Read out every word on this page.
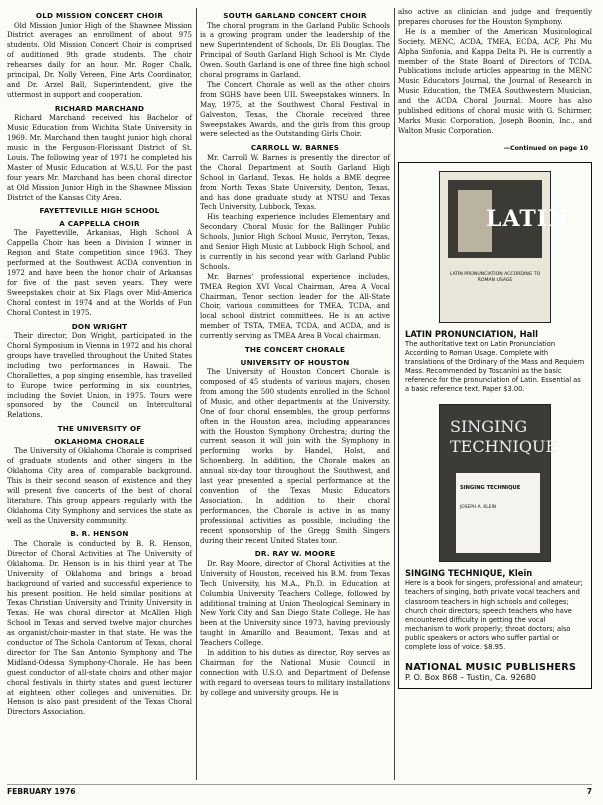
OLD MISSION CONCERT CHOIR

Old Mission Junior High of the Shawnee Mission District averages an enrollment of about 975 students. Old Mission Concert Choir is comprised of auditioned 9th grade students. The choir rehearses daily for an hour. Mr. Roger Chalk, principal, Dr. Nolly Vereen, Fine Arts Coordinator, and Dr. Arzel Ball, Superintendent, give the uttermost in support and cooperation.

RICHARD MARCHAND

Richard Marchand received his Bachelor of Music Education from Wichita State University in 1969. Mr. Marchand then taught junior high choral music in the Ferguson-Florissant District of St. Louis. The following year of 1971 he completed his Master of Music Education at W.S.U. For the past four years Mr. Marchand has been choral director at Old Mission Junior High in the Shawnee Mission District of the Kansas City Area.

FAYETTEVILLE HIGH SCHOOL
A CAPPELLA CHOIR

The Fayetteville, Arkansas, High School A Cappella Choir has been a Division I winner in Region and State competition since 1963. They performed at the Southwest ACDA convention in 1972 and have been the honor choir of Arkansas for five of the past seven years. They were Sweepstakes choir at Six Flags over Mid-America Choral contest in 1974 and at the Worlds of Fun Choral Contest in 1975.

DON WRIGHT

Their director, Don Wright, participated in the Choral Symposium in Vienna in 1972 and his choral groups have travelled throughout the United States including two performances in Hawaii. The Chorallettes, a pop singing ensemble, has travelled to Europe twice performing in six countries, including the Soviet Union, in 1975. Tours were sponsored by the Council on Intercultural Relations.

THE UNIVERSITY OF
OKLAHOMA CHORALE

The University of Oklahoma Chorale is comprised of graduate students and other singers in the Oklahoma City area of comparable background. This is their second season of existence and they will present five concerts of the best of choral literature. This group appears regularly with the Oklahoma City Symphony and services the state as well as the University community.

B. R. HENSON

The Chorale is conducted by B. R. Henson, Director of Choral Activities at The University of Oklahoma. Dr. Henson is in his third year at The University of Oklahoma and brings a broad background of varied and successful experience to his present position. He held similar positions at Texas Christian University and Trinity University in Texas. He was choral director at McAllen High School in Texas and served twelve major churches as organist/choir-master in that state. He was the conductor of The Schola Cantorum of Texas, choral director for The San Antonio Symphony and The Midland-Odessa Symphony-Chorale. He has been guest conductor of all-state choirs and other major choral festivals in thirty states and guest lecturer at eighteen other colleges and universities. Dr. Henson is also past president of the Texas Choral Directors Association.

SOUTH GARLAND CONCERT CHOIR

The choral program in the Garland Public Schools is a growing program under the leadership of the new Superintendent of Schools, Dr. Eli Douglas. The Principal of South Garland High School is Mr. Clyde Owen. South Garland is one of three fine high school choral programs in Garland.

The Concert Chorale as well as the other choirs from SGHS have been UIL Sweepstakes winners. In May, 1975, at the Southwest Choral Festival in Galveston, Texas, the Chorale received three Sweepstakes Awards, and the girls from this group were selected as the Outstanding Girls Choir.

CARROLL W. BARNES

Mr. Carroll W. Barnes is presently the director of the Choral Department at South Garland High School in Garland, Texas. He holds a BME degree from North Texas State University, Denton, Texas, and has done graduate study at NTSU and Texas Tech University, Lubbock, Texas.

His teaching experience includes Elementary and Secondary Choral Music for the Ballinger Public Schools, Junior High School Music, Perryton, Texas, and Senior High Music at Lubbock High School, and is currently in his second year with Garland Public Schools.

Mr. Barnes' professional experience includes, TMEA Region XVI Vocal Chairman, Area A Vocal Chairman, Tenor section leader for the All-State Choir, various committees for TMEA, TCDA, and local school district committees. He is an active member of TSTA, TMEA, TCDA, and ACDA, and is currently serving as TMEA Area B Vocal chairman.

THE CONCERT CHORALE
UNIVERSITY OF HOUSTON

The University of Houston Concert Chorale is composed of 45 students of various majors, chosen from among the 500 students enrolled in the School of Music, and other departments at the University. One of four choral ensembles, the group performs often in the Houston area, including appearances with the Houston Symphony Orchestra; during the current season it will join with the Symphony in performing works by Handel, Holst, and Schoenberg. In addition, the Chorale makes an annual six-day tour throughout the Southwest, and last year presented a special performance at the convention of the Texas Music Educators Association. In addition to their choral performances, the Chorale is active in as many professional activities as possible, including the recent sponsorship of the Gregg Smith Singers during their recent United States tour.

DR. RAY W. MOORE

Dr. Ray Moore, director of Choral Activities at the University of Houston, received his B.M. from Texas Tech University, his M.A., Ph.D. in Education at Columbia University Teachers College, followed by additional training at Union Theological Seminary in New York City and San Diego State College. He has been at the University since 1973, having previously taught in Amarillo and Beaumont, Texas and at Teachers College.

In addition to his duties as director, Roy serves as Chairman for the National Music Council in connection with U.S.O. and Department of Defense with regard to overseas tours to military installations by college and university groups. He is

also active as clinician and judge and frequently prepares choruses for the Houston Symphony.

He is a member of the American Musicological Society, MENC, ACDA, TMEA, ECDA, ACF, Phi Mu Alpha Sinfonia, and Kappa Delta Pi. He is currently a member of the State Board of Directors of TCDA. Publications include articles appearing in the MENC Music Educators Journal, the Journal of Research in Music Education, the TMEA Southwestern Musician, and the ACDA Choral Journal. Moore has also published editions of choral music with G. Schirmer, Marks Music Corporation, Joseph Boonin, Inc., and Walton Music Corporation.

—Continued on page 10
LATIN
LATIN PRONUNCIATION ACCORDING TO ROMAN USAGE

LATIN PRONUNCIATION, Hall

The authoritative text on Latin Pronunciation According to Roman Usage. Complete with translations of the Ordinary of the Mass and Requiem Mass. Recommended by Toscanini as the basic reference for the pronunciation of Latin. Essential as a basic reference text. Paper $3.00.

SINGING
TECHNIQUE
SINGING TECHNIQUE
JOSEPH A. KLEIN

SINGING TECHNIQUE, Klein

Here is a book for singers, professional and amateur; teachers of singing, both private vocal teachers and classroom teachers in high schools and colleges; church choir directors; speech teachers who have encountered difficulty in getting the vocal mechanism to work properly; throat doctors; also public speakers or actors who suffer partial or complete loss of voice. $8.95.

NATIONAL MUSIC PUBLISHERS

P. O. Box 868 – Tustin, Ca. 92680

FEBRUARY 1976	7
